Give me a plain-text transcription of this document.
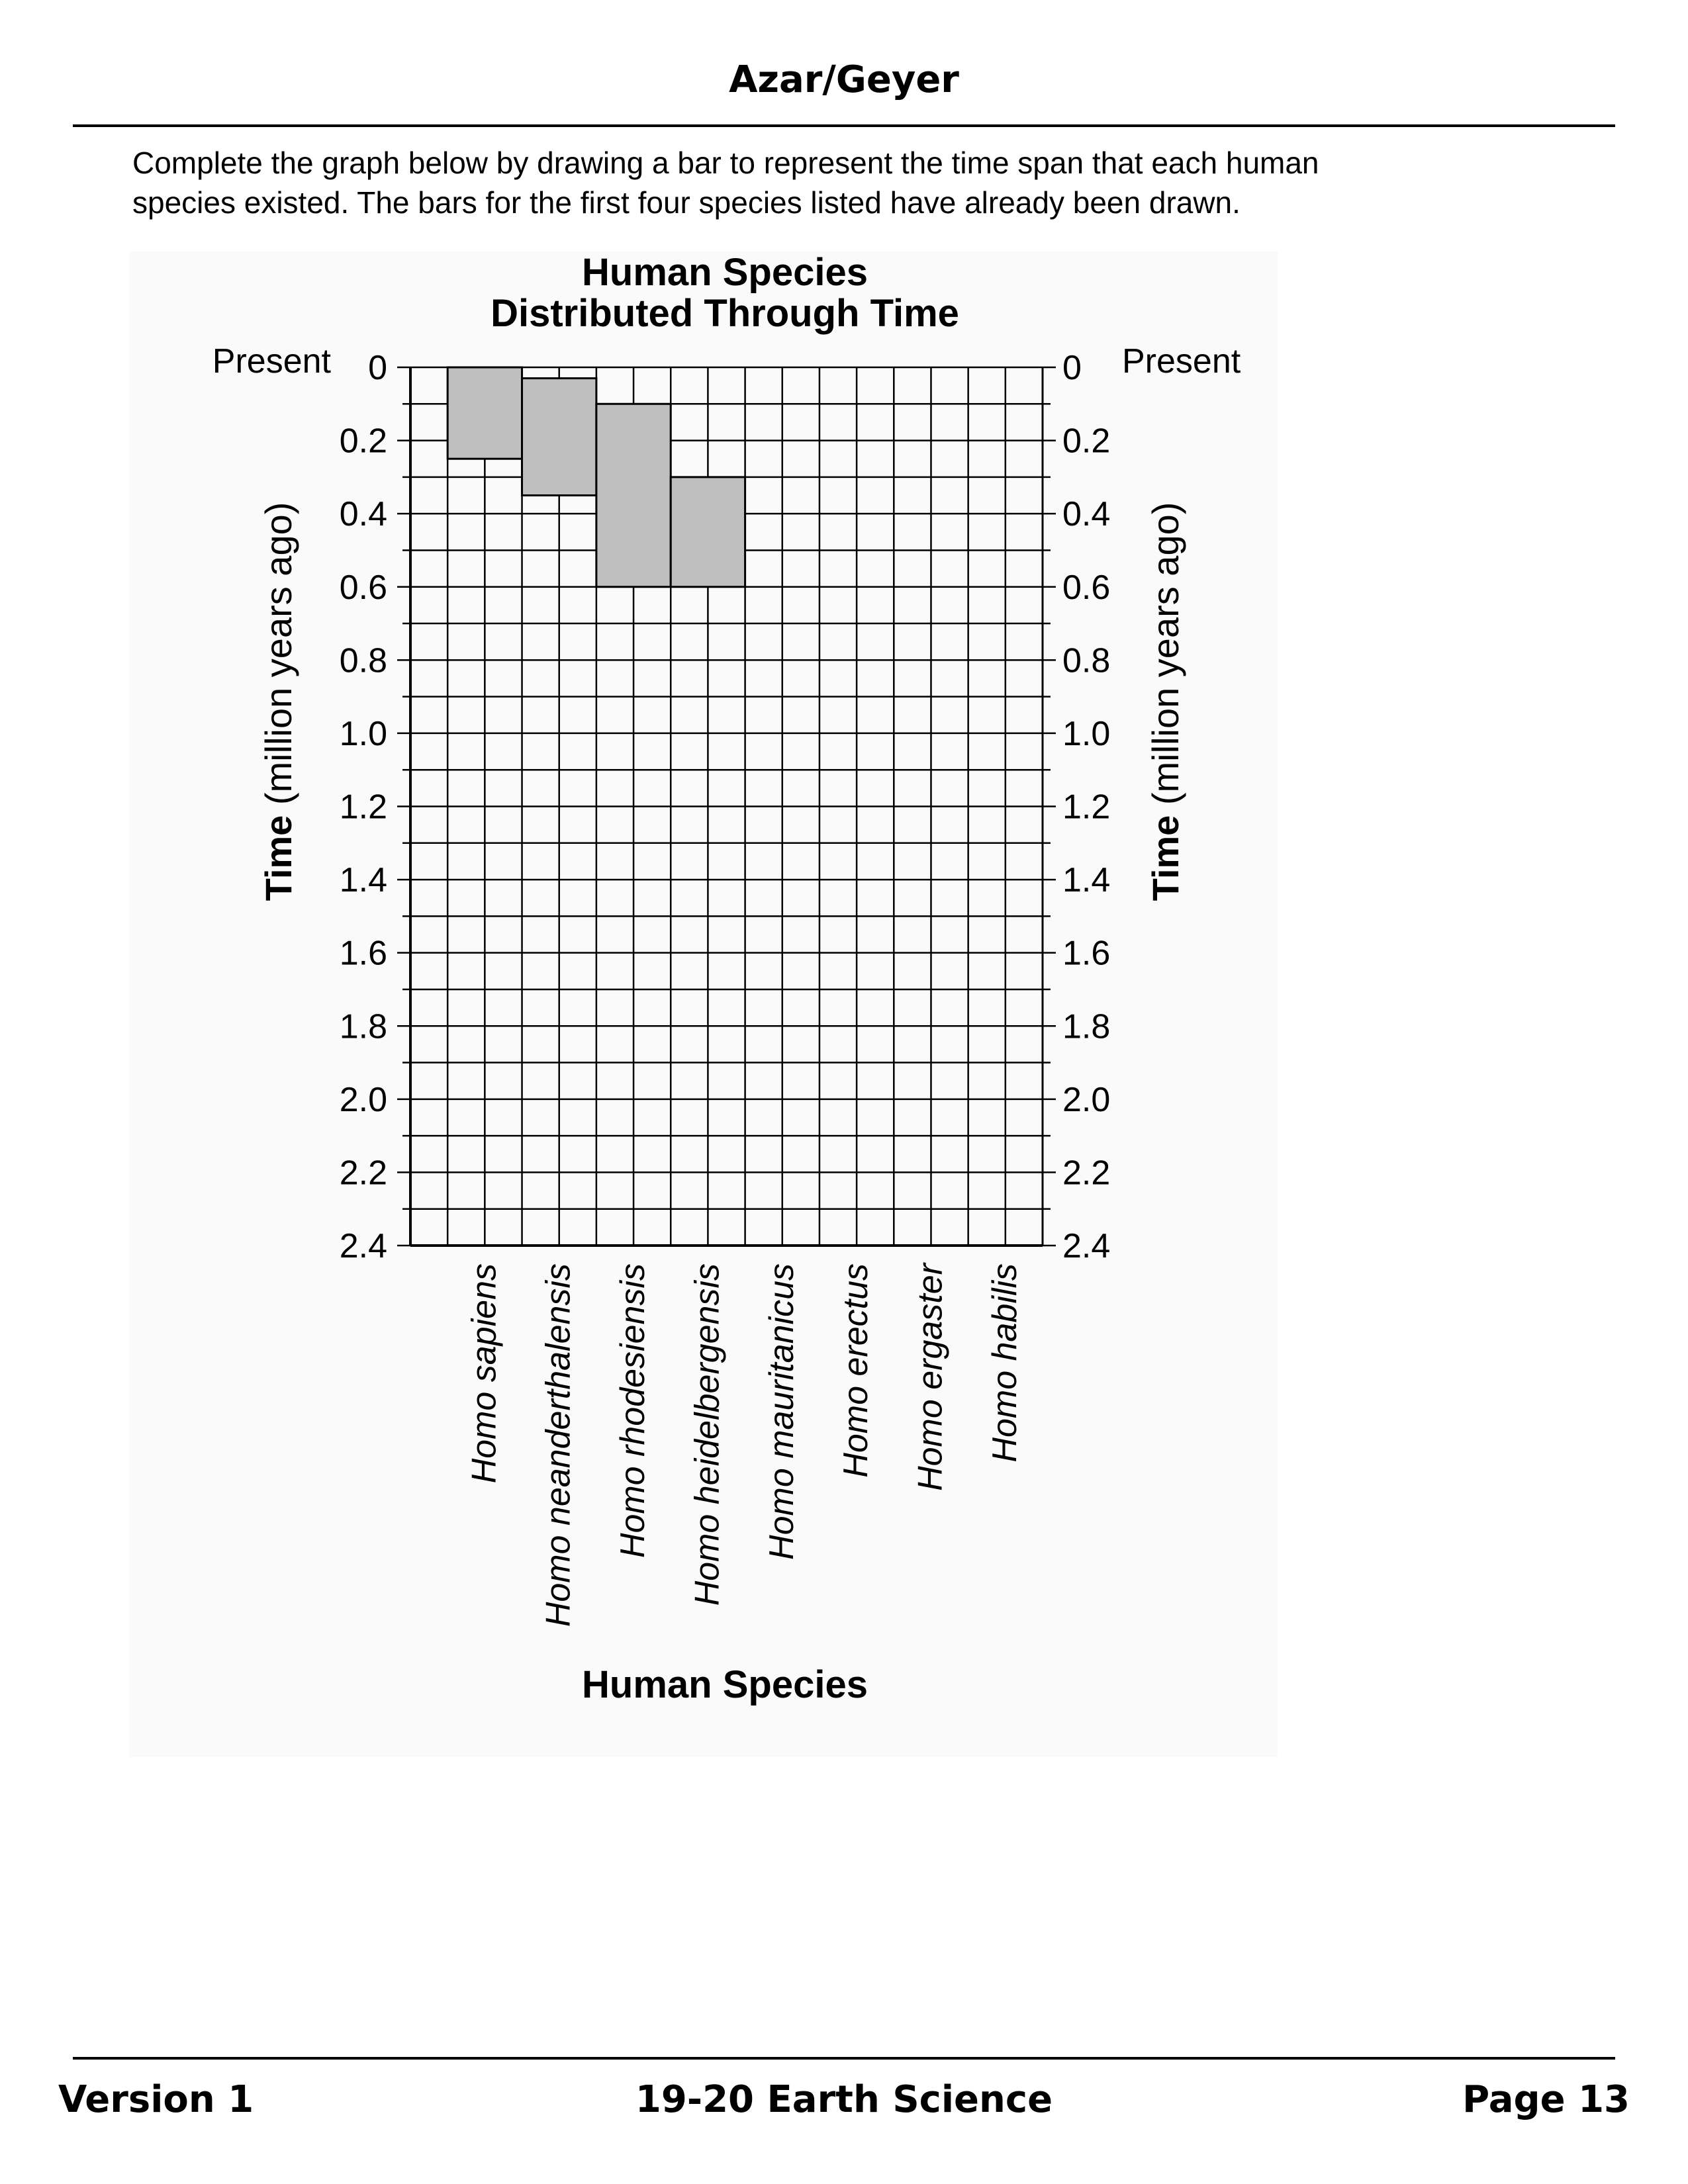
Azar/Geyer
Complete the graph below by drawing a bar to represent the time span that each human
species existed. The bars for the first four species listed have already been drawn.
Human Species
Distributed Through Time
Present	Present
0
0.2
0.4
0.6
0.8
1.0
1.2
1.4
1.6
1.8
2.0
2.2
2.4
0
0.2
0.4
0.6
0.8
1.0
1.2
1.4
1.6
1.8
2.0
2.2
2.4
Homo sapiens Homo neanderthalensis Homo rhodesiensis Homo heidelbergensis Homo mauritanicus Homo erectus Homo ergaster Homo habilis
Time (million years ago)
Time (million years ago)
Human Species
Version 1	19-20 Earth Science	Page 13
